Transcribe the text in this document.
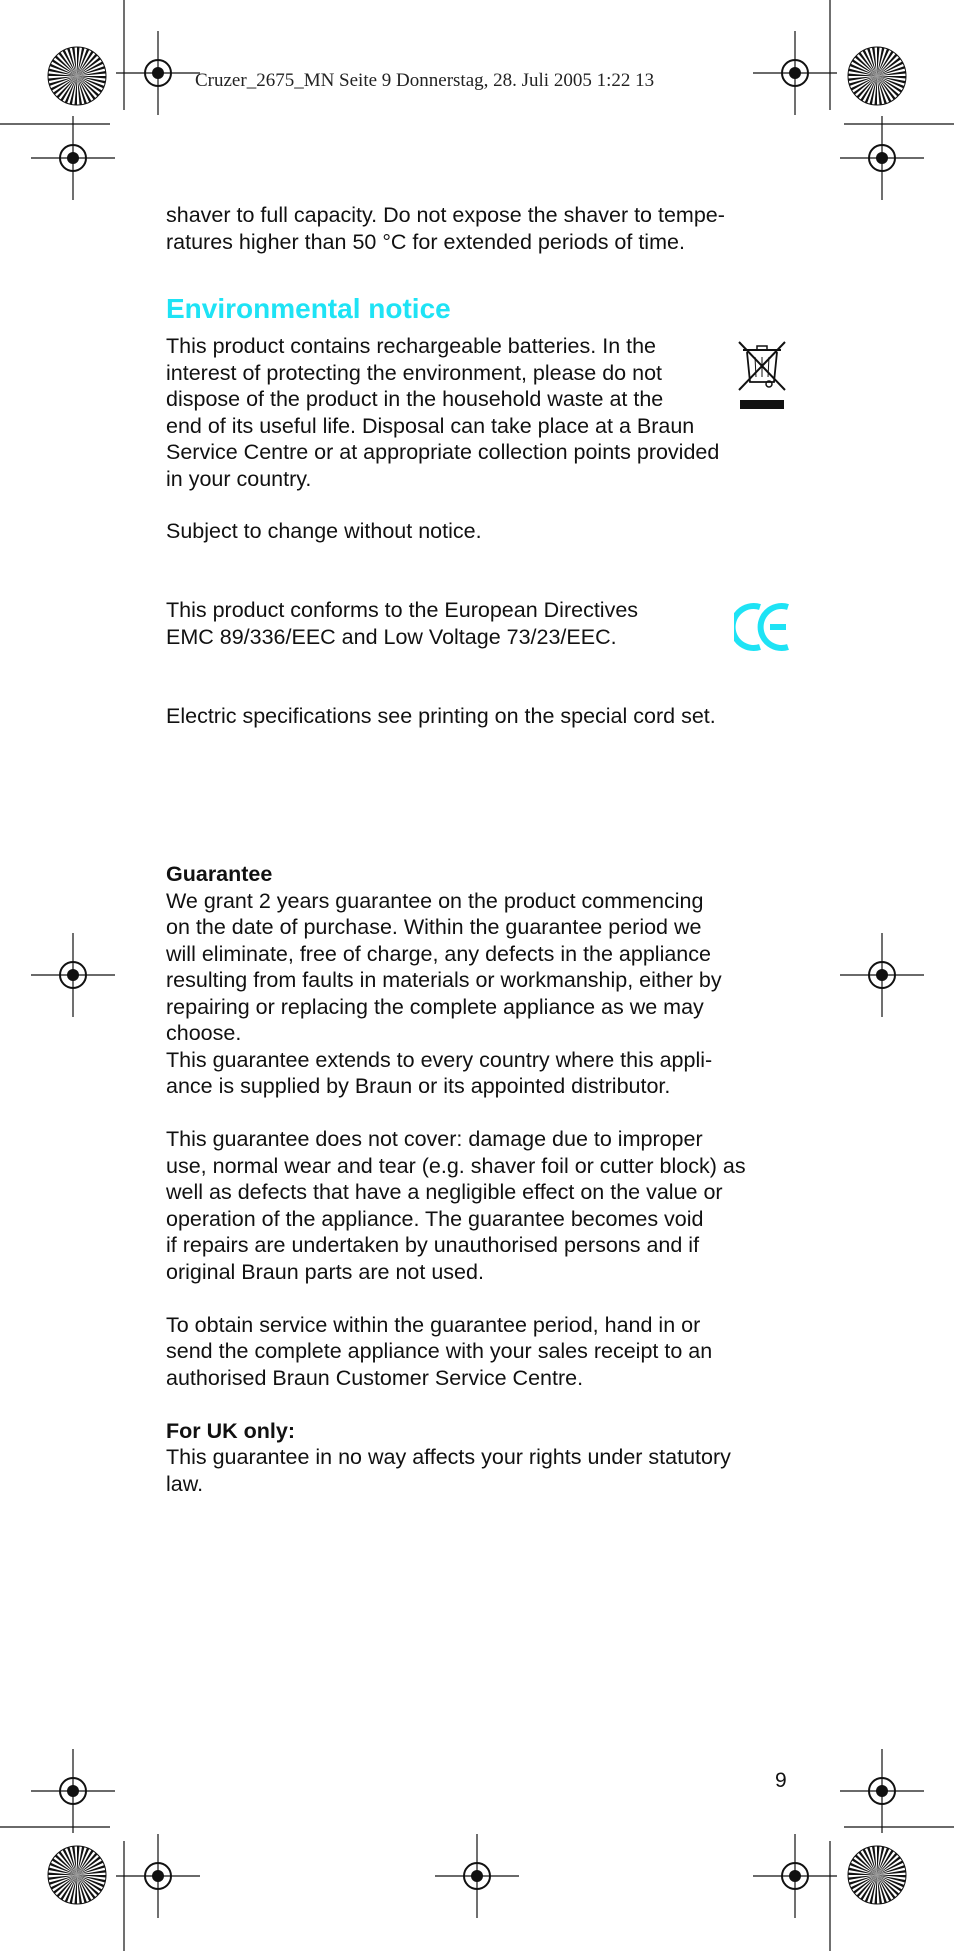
Cruzer_2675_MN Seite 9 Donnerstag, 28. Juli 2005 1:22 13
shaver to full capacity. Do not expose the shaver to tempe-
ratures higher than 50 °C for extended periods of time.
Environmental notice
This product contains rechargeable batteries. In the
interest of protecting the environment, please do not
dispose of the product in the household waste at the
end of its useful life. Disposal can take place at a Braun
Service Centre or at appropriate collection points provided
in your country.
Subject to change without notice.
This product conforms to the European Directives
EMC 89/336/EEC and Low Voltage 73/23/EEC.
Electric specifications see printing on the special cord set.
Guarantee
We grant 2 years guarantee on the product commencing
on the date of purchase. Within the guarantee period we
will eliminate, free of charge, any defects in the appliance
resulting from faults in materials or workmanship, either by
repairing or replacing the complete appliance as we may
choose.
This guarantee extends to every country where this appli-
ance is supplied by Braun or its appointed distributor.
This guarantee does not cover: damage due to improper
use, normal wear and tear (e.g. shaver foil or cutter block) as
well as defects that have a negligible effect on the value or
operation of the appliance. The guarantee becomes void
if repairs are undertaken by unauthorised persons and if
original Braun parts are not used.
To obtain service within the guarantee period, hand in or
send the complete appliance with your sales receipt to an
authorised Braun Customer Service Centre.
For UK only:
This guarantee in no way affects your rights under statutory
law.
9
